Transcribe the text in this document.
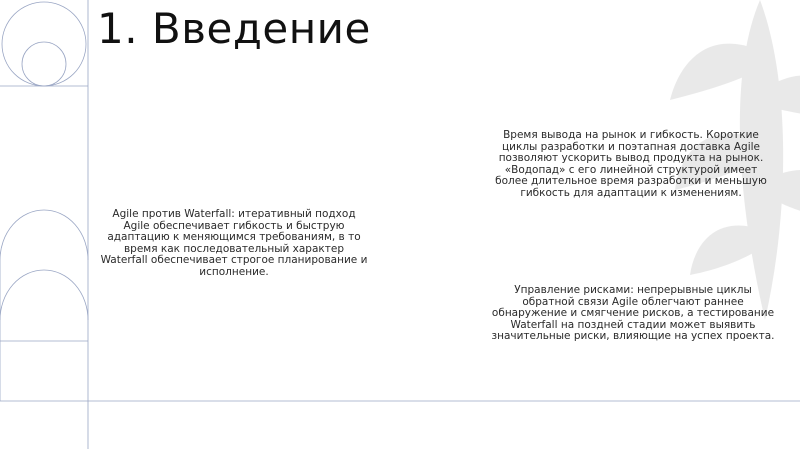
1. Введение
Agile против Waterfall: итеративный подход Agile обеспечивает гибкость и быструю адаптацию к меняющимся требованиям, в то время как последовательный характер Waterfall обеспечивает строгое планирование и исполнение.
Время вывода на рынок и гибкость. Короткие циклы разработки и поэтапная доставка Agile позволяют ускорить вывод продукта на рынок. «Водопад» с его линейной структурой имеет более длительное время разработки и меньшую гибкость для адаптации к изменениям.
Управление рисками: непрерывные циклы обратной связи Agile облегчают раннее обнаружение и смягчение рисков, а тестирование Waterfall на поздней стадии может выявить значительные риски, влияющие на успех проекта.
